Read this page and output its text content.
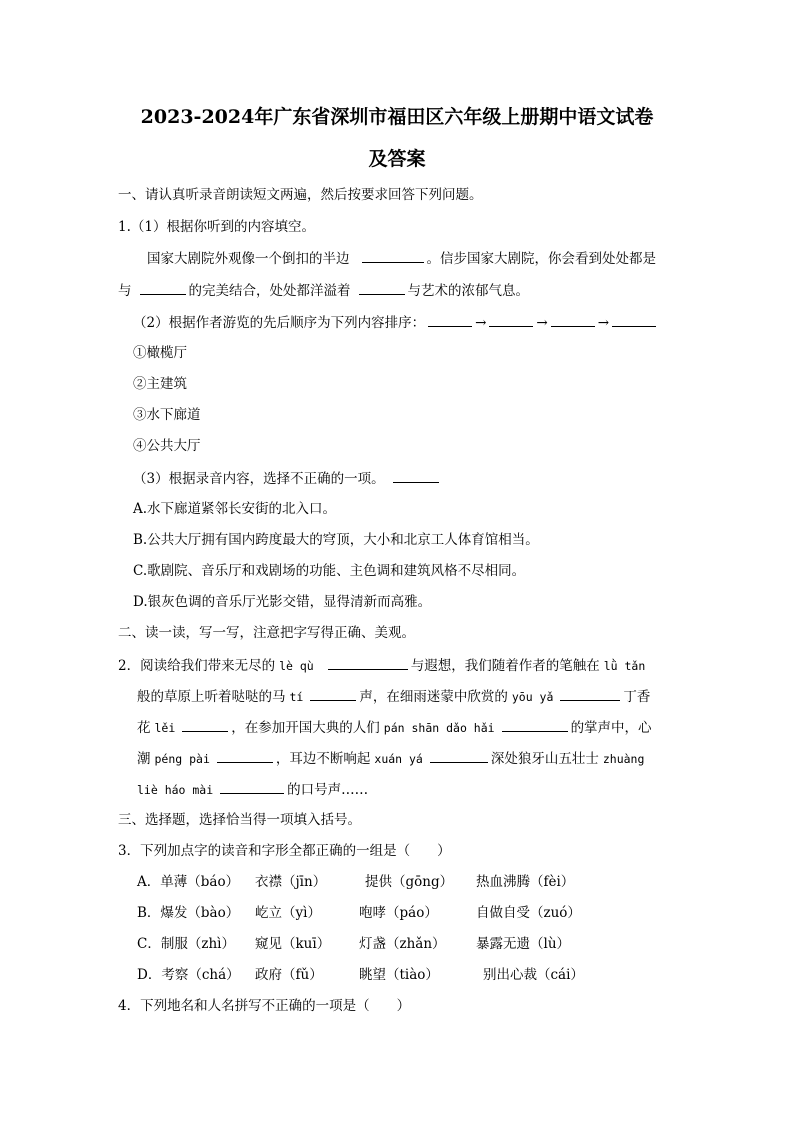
2023-2024年广东省深圳市福田区六年级上册期中语文试卷
及答案
一、请认真听录音朗读短文两遍，然后按要求回答下列问题。
1.（1）根据你听到的内容填空。
国家大剧院外观像一个倒扣的半边	。信步国家大剧院，你会看到处处都是
与	的完美结合，处处都洋溢着	与艺术的浓郁气息。
（2）根据作者游览的先后顺序为下列内容排序：	→	→	→
①橄榄厅
②主建筑
③水下廊道
④公共大厅
（3）根据录音内容，选择不正确的一项。
A.水下廊道紧邻长安街的北入口。
B.公共大厅拥有国内跨度最大的穹顶，大小和北京工人体育馆相当。
C.歌剧院、音乐厅和戏剧场的功能、主色调和建筑风格不尽相同。
D.银灰色调的音乐厅光影交错，显得清新而高雅。
二、读一读，写一写，注意把字写得正确、美观。
2．阅读给我们带来无尽的 lè qù	与遐想，我们随着作者的笔触在 lǜ tǎn
般的草原上听着哒哒的马 tí	声，在细雨迷蒙中欣赏的 yōu yǎ	丁香
花 lěi	，在参加开国大典的人们 pán shān dǎo hǎi	的掌声中，心
潮 péng pài	，耳边不断响起 xuán yá	深处狼牙山五壮士 zhuàng
liè háo mài	的口号声……
三、选择题，选择恰当得一项填入括号。
3．下列加点字的读音和字形全都正确的一组是（　　）
A．单薄（báo） 衣襟（jīn）	提供（gōng） 热血沸腾（fèi）
B．爆发（bào） 屹立（yì）	咆哮（páo）	自做自受（zuó）
C．制服（zhì） 窥见（kuī） 灯盏（zhǎn） 暴露无遗（lù）
D．考察（chá） 政府（fǔ）	眺望（tiào）	别出心裁（cái）
4．下列地名和人名拼写不正确的一项是（　　）
